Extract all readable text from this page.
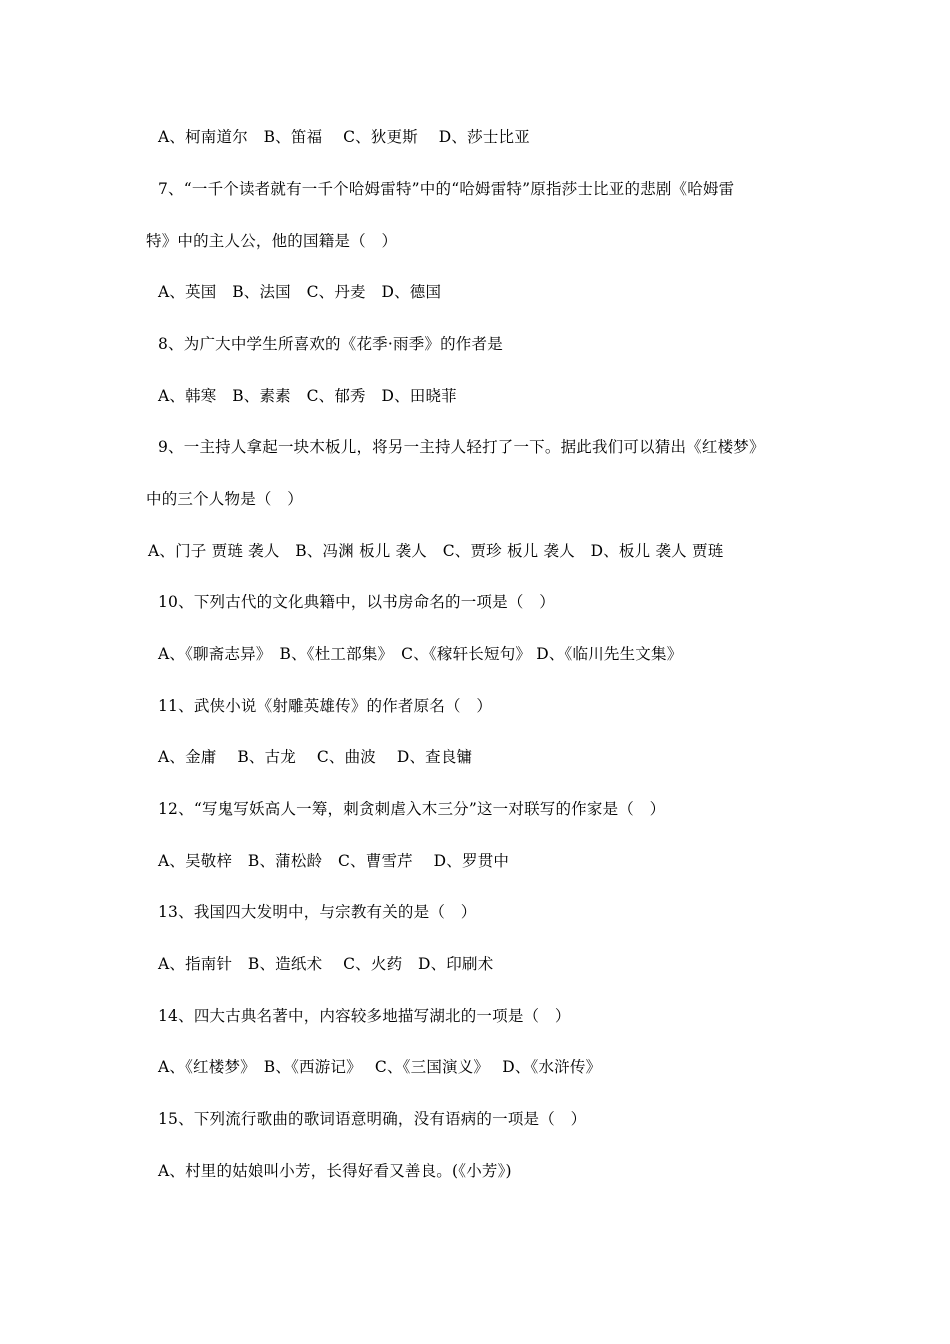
A、柯南道尔　B、笛福　 C、狄更斯　 D、莎士比亚
7、“一千个读者就有一千个哈姆雷特”中的“哈姆雷特”原指莎士比亚的悲剧《哈姆雷
特》中的主人公，他的国籍是（　）
A、英国　B、法国　C、丹麦　D、德国
8、为广大中学生所喜欢的《花季·雨季》的作者是
A、韩寒　B、素素　C、郁秀　D、田晓菲
9、一主持人拿起一块木板儿，将另一主持人轻打了一下。据此我们可以猜出《红楼梦》
中的三个人物是（　）
A、门子 贾琏 袭人　B、冯渊 板儿 袭人　C、贾珍 板儿 袭人　D、板儿 袭人 贾琏
10、下列古代的文化典籍中，以书房命名的一项是（　）
A、《聊斋志异》　B、《杜工部集》　C、《稼轩长短句》 D、《临川先生文集》
11、武侠小说《射雕英雄传》的作者原名（　）
A、金庸　 B、古龙　 C、曲波　 D、查良镛
12、“写鬼写妖高人一筹，刺贪刺虐入木三分”这一对联写的作家是（　）
A、吴敬梓　B、蒲松龄　C、曹雪芹　 D、罗贯中
13、我国四大发明中，与宗教有关的是（　）
A、指南针　B、造纸术　 C、火药　D、印刷术
14、四大古典名著中，内容较多地描写湖北的一项是（　）
A、《红楼梦》　B、《西游记》　 C、《三国演义》　 D、《水浒传》
15、下列流行歌曲的歌词语意明确，没有语病的一项是（　）
A、村里的姑娘叫小芳，长得好看又善良。(《小芳》)
